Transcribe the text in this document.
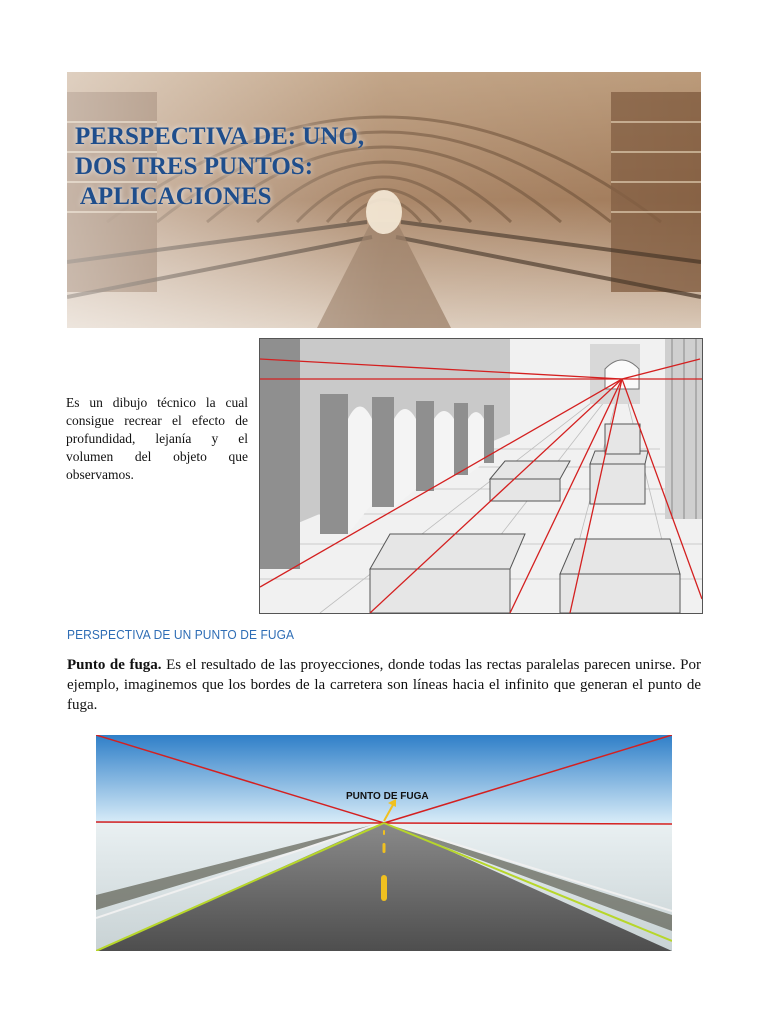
PERSPECTIVA DE: UNO,
DOS TRES PUNTOS:
APLICACIONES
Es un dibujo técnico la cual consigue recrear el efecto de profundidad, lejanía y el volumen del objeto que observamos.
PERSPECTIVA DE UN PUNTO DE FUGA
Punto de fuga. Es el resultado de las proyecciones, donde todas las rectas paralelas parecen unirse. Por ejemplo, imaginemos que los bordes de la carretera son líneas hacia el infinito que generan el punto de fuga.
PUNTO DE FUGA
